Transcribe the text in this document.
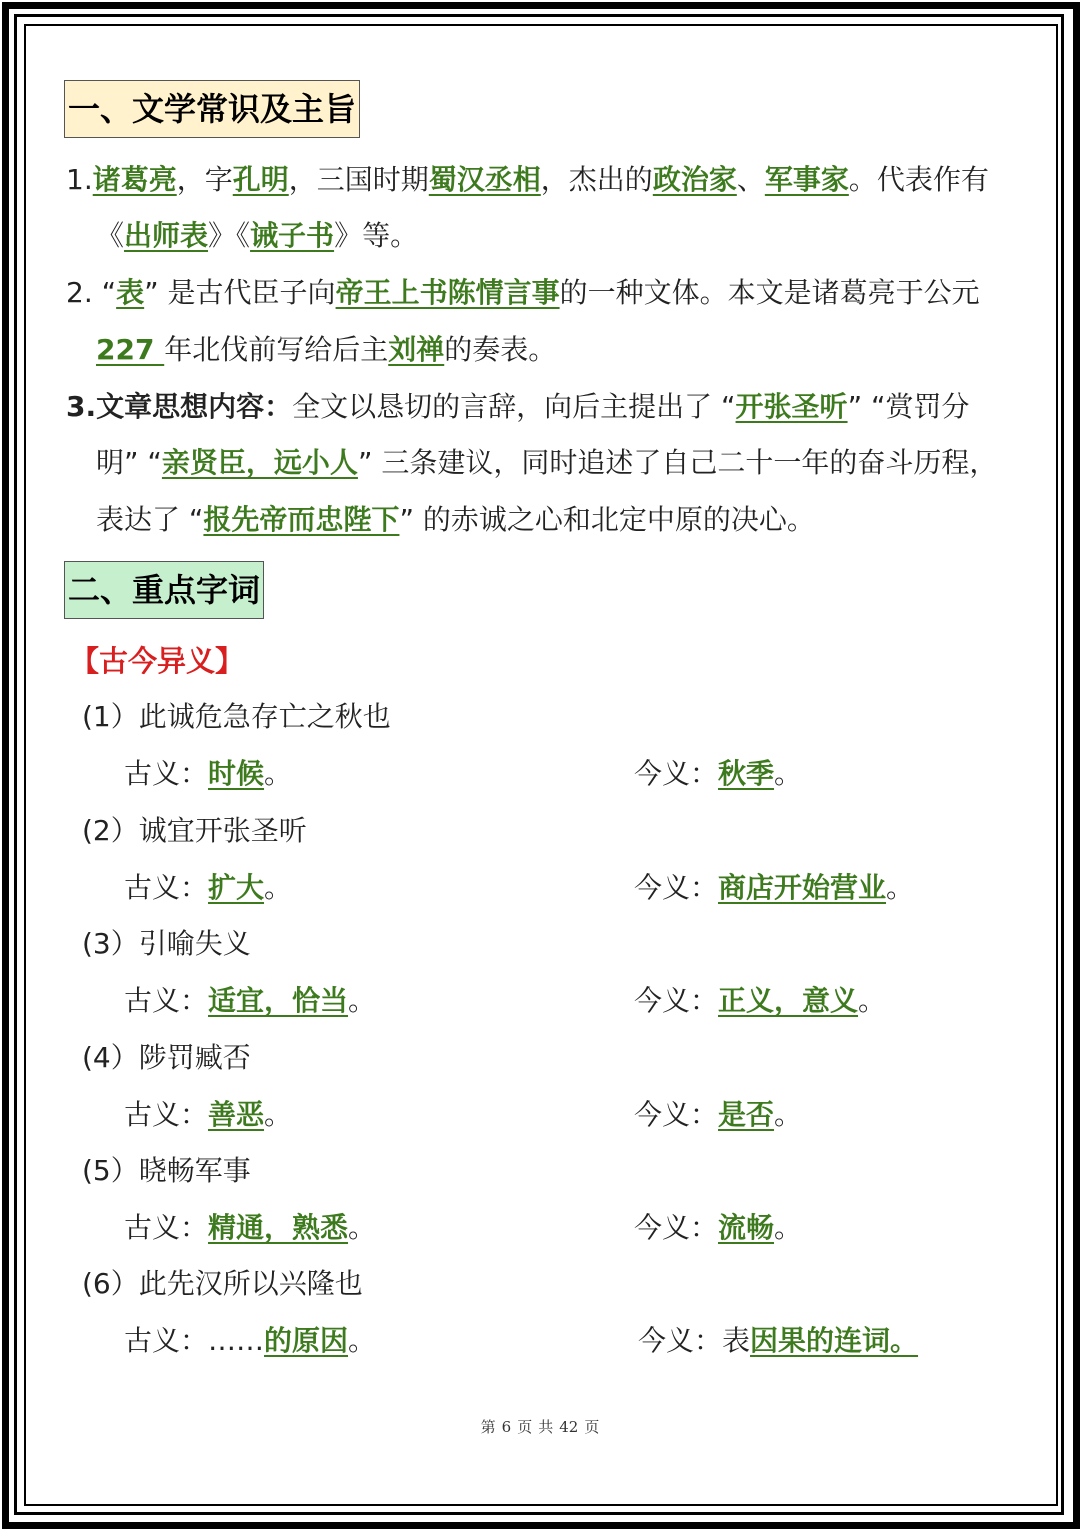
一、文学常识及主旨
1.诸葛亮，字孔明，三国时期蜀汉丞相，杰出的政治家、军事家。代表作有
《出师表》《诫子书》等。
2. “表” 是古代臣子向帝王上书陈情言事的一种文体。本文是诸葛亮于公元
227 年北伐前写给后主刘禅的奏表。
3.文章思想内容：全文以恳切的言辞，向后主提出了 “开张圣听” “赏罚分
明” “亲贤臣，远小人” 三条建议，同时追述了自己二十一年的奋斗历程，
表达了 “报先帝而忠陛下” 的赤诚之心和北定中原的决心。
二、重点字词
【古今异义】
(1）此诚危急存亡之秋也
古义：时候。	今义：秋季。
(2）诚宜开张圣听
古义：扩大。	今义：商店开始营业。
(3）引喻失义
古义：适宜，恰当。	今义：正义，意义。
(4）陟罚臧否
古义：善恶。	今义：是否。
(5）晓畅军事
古义：精通，熟悉。	今义：流畅。
(6）此先汉所以兴隆也
古义：……的原因。	今义：表因果的连词。
第 6 页 共 42 页
